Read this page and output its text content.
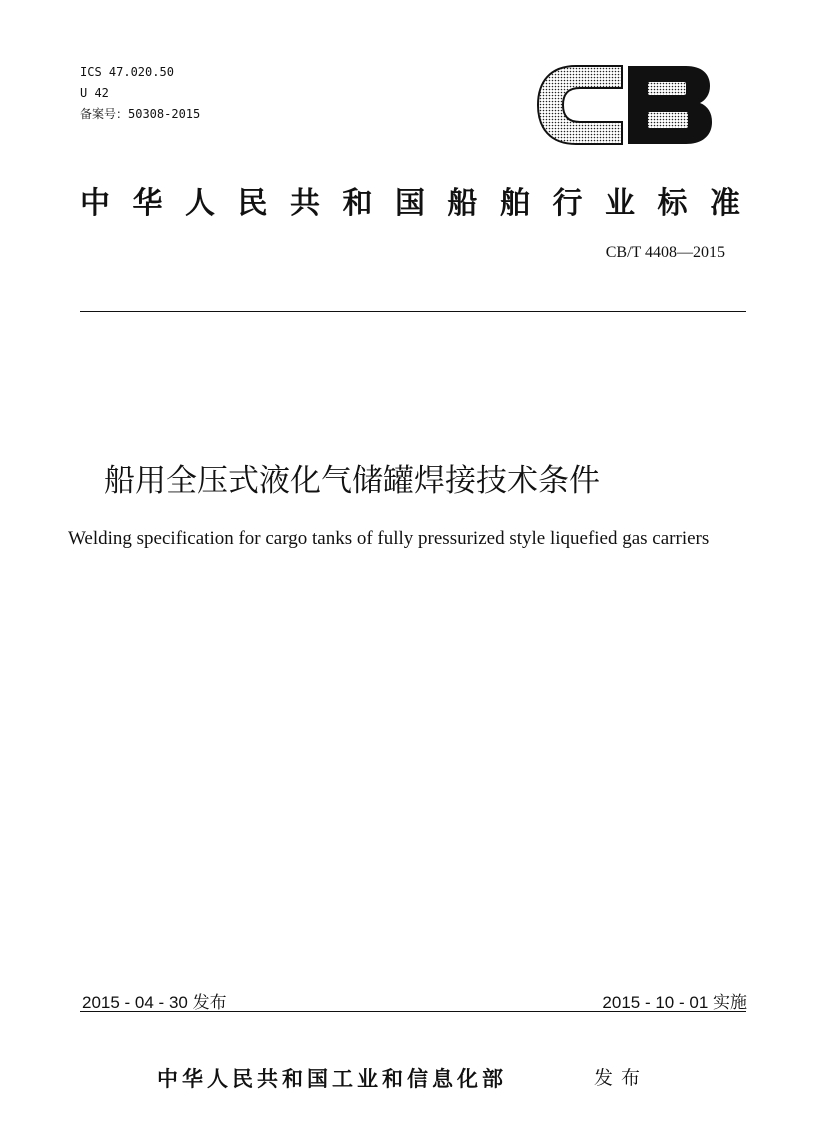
ICS 47.020.50
U 42
备案号：50308-2015
CB
中 华 人 民 共 和 国 船 舶 行 业 标 准
CB/T 4408—2015
船用全压式液化气储罐焊接技术条件
Welding specification for cargo tanks of fully pressurized style liquefied gas carriers
2015 - 04 - 30 发布	2015 - 10 - 01 实施
中华人民共和国工业和信息化部	发布
